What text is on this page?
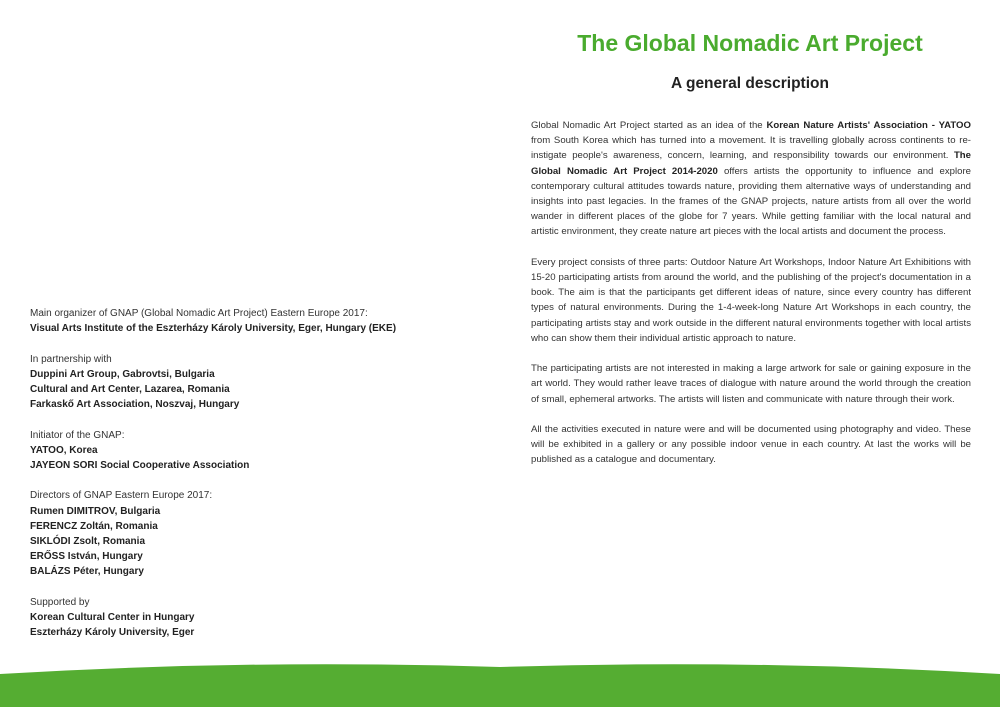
Main organizer of GNAP (Global Nomadic Art Project) Eastern Europe 2017:
Visual Arts Institute of the Eszterházy Károly University, Eger, Hungary (EKE)
In partnership with
Duppini Art Group, Gabrovtsi, Bulgaria
Cultural and Art Center, Lazarea, Romania
Farkaskő Art Association, Noszvaj, Hungary
Initiator of the GNAP:
YATOO, Korea
JAYEON SORI Social Cooperative Association
Directors of GNAP Eastern Europe 2017:
Rumen DIMITROV, Bulgaria
FERENCZ Zoltán, Romania
SIKLÓDI Zsolt, Romania
ERŐSS István, Hungary
BALÁZS Péter, Hungary
Supported by
Korean Cultural Center in Hungary
Eszterházy Károly University, Eger
The Global Nomadic Art Project
A general description

Global Nomadic Art Project started as an idea of the Korean Nature Artists' Association - YATOO from South Korea which has turned into a movement. It is travelling globally across continents to re-instigate people's awareness, concern, learning, and responsibility towards our environment. The Global Nomadic Art Project 2014-2020 offers artists the opportunity to influence and explore contemporary cultural attitudes towards nature, providing them alternative ways of understanding and insights into past legacies. In the frames of the GNAP projects, nature artists from all over the world wander in different places of the globe for 7 years. While getting familiar with the local natural and artistic environment, they create nature art pieces with the local artists and document the process.

Every project consists of three parts: Outdoor Nature Art Workshops, Indoor Nature Art Exhibitions with 15-20 participating artists from around the world, and the publishing of the project's documentation in a book. The aim is that the participants get different ideas of nature, since every country has different types of natural environments. During the 1-4-week-long Nature Art Workshops in each country, the participating artists stay and work outside in the different natural environments together with local artists who can show them their individual artistic approach to nature.

The participating artists are not interested in making a large artwork for sale or gaining exposure in the art world. They would rather leave traces of dialogue with nature around the world through the creation of small, ephemeral artworks. The artists will listen and communicate with nature through their work.

All the activities executed in nature were and will be documented using photography and video. These will be exhibited in a gallery or any possible indoor venue in each country. At last the works will be published as a catalogue and documentary.
